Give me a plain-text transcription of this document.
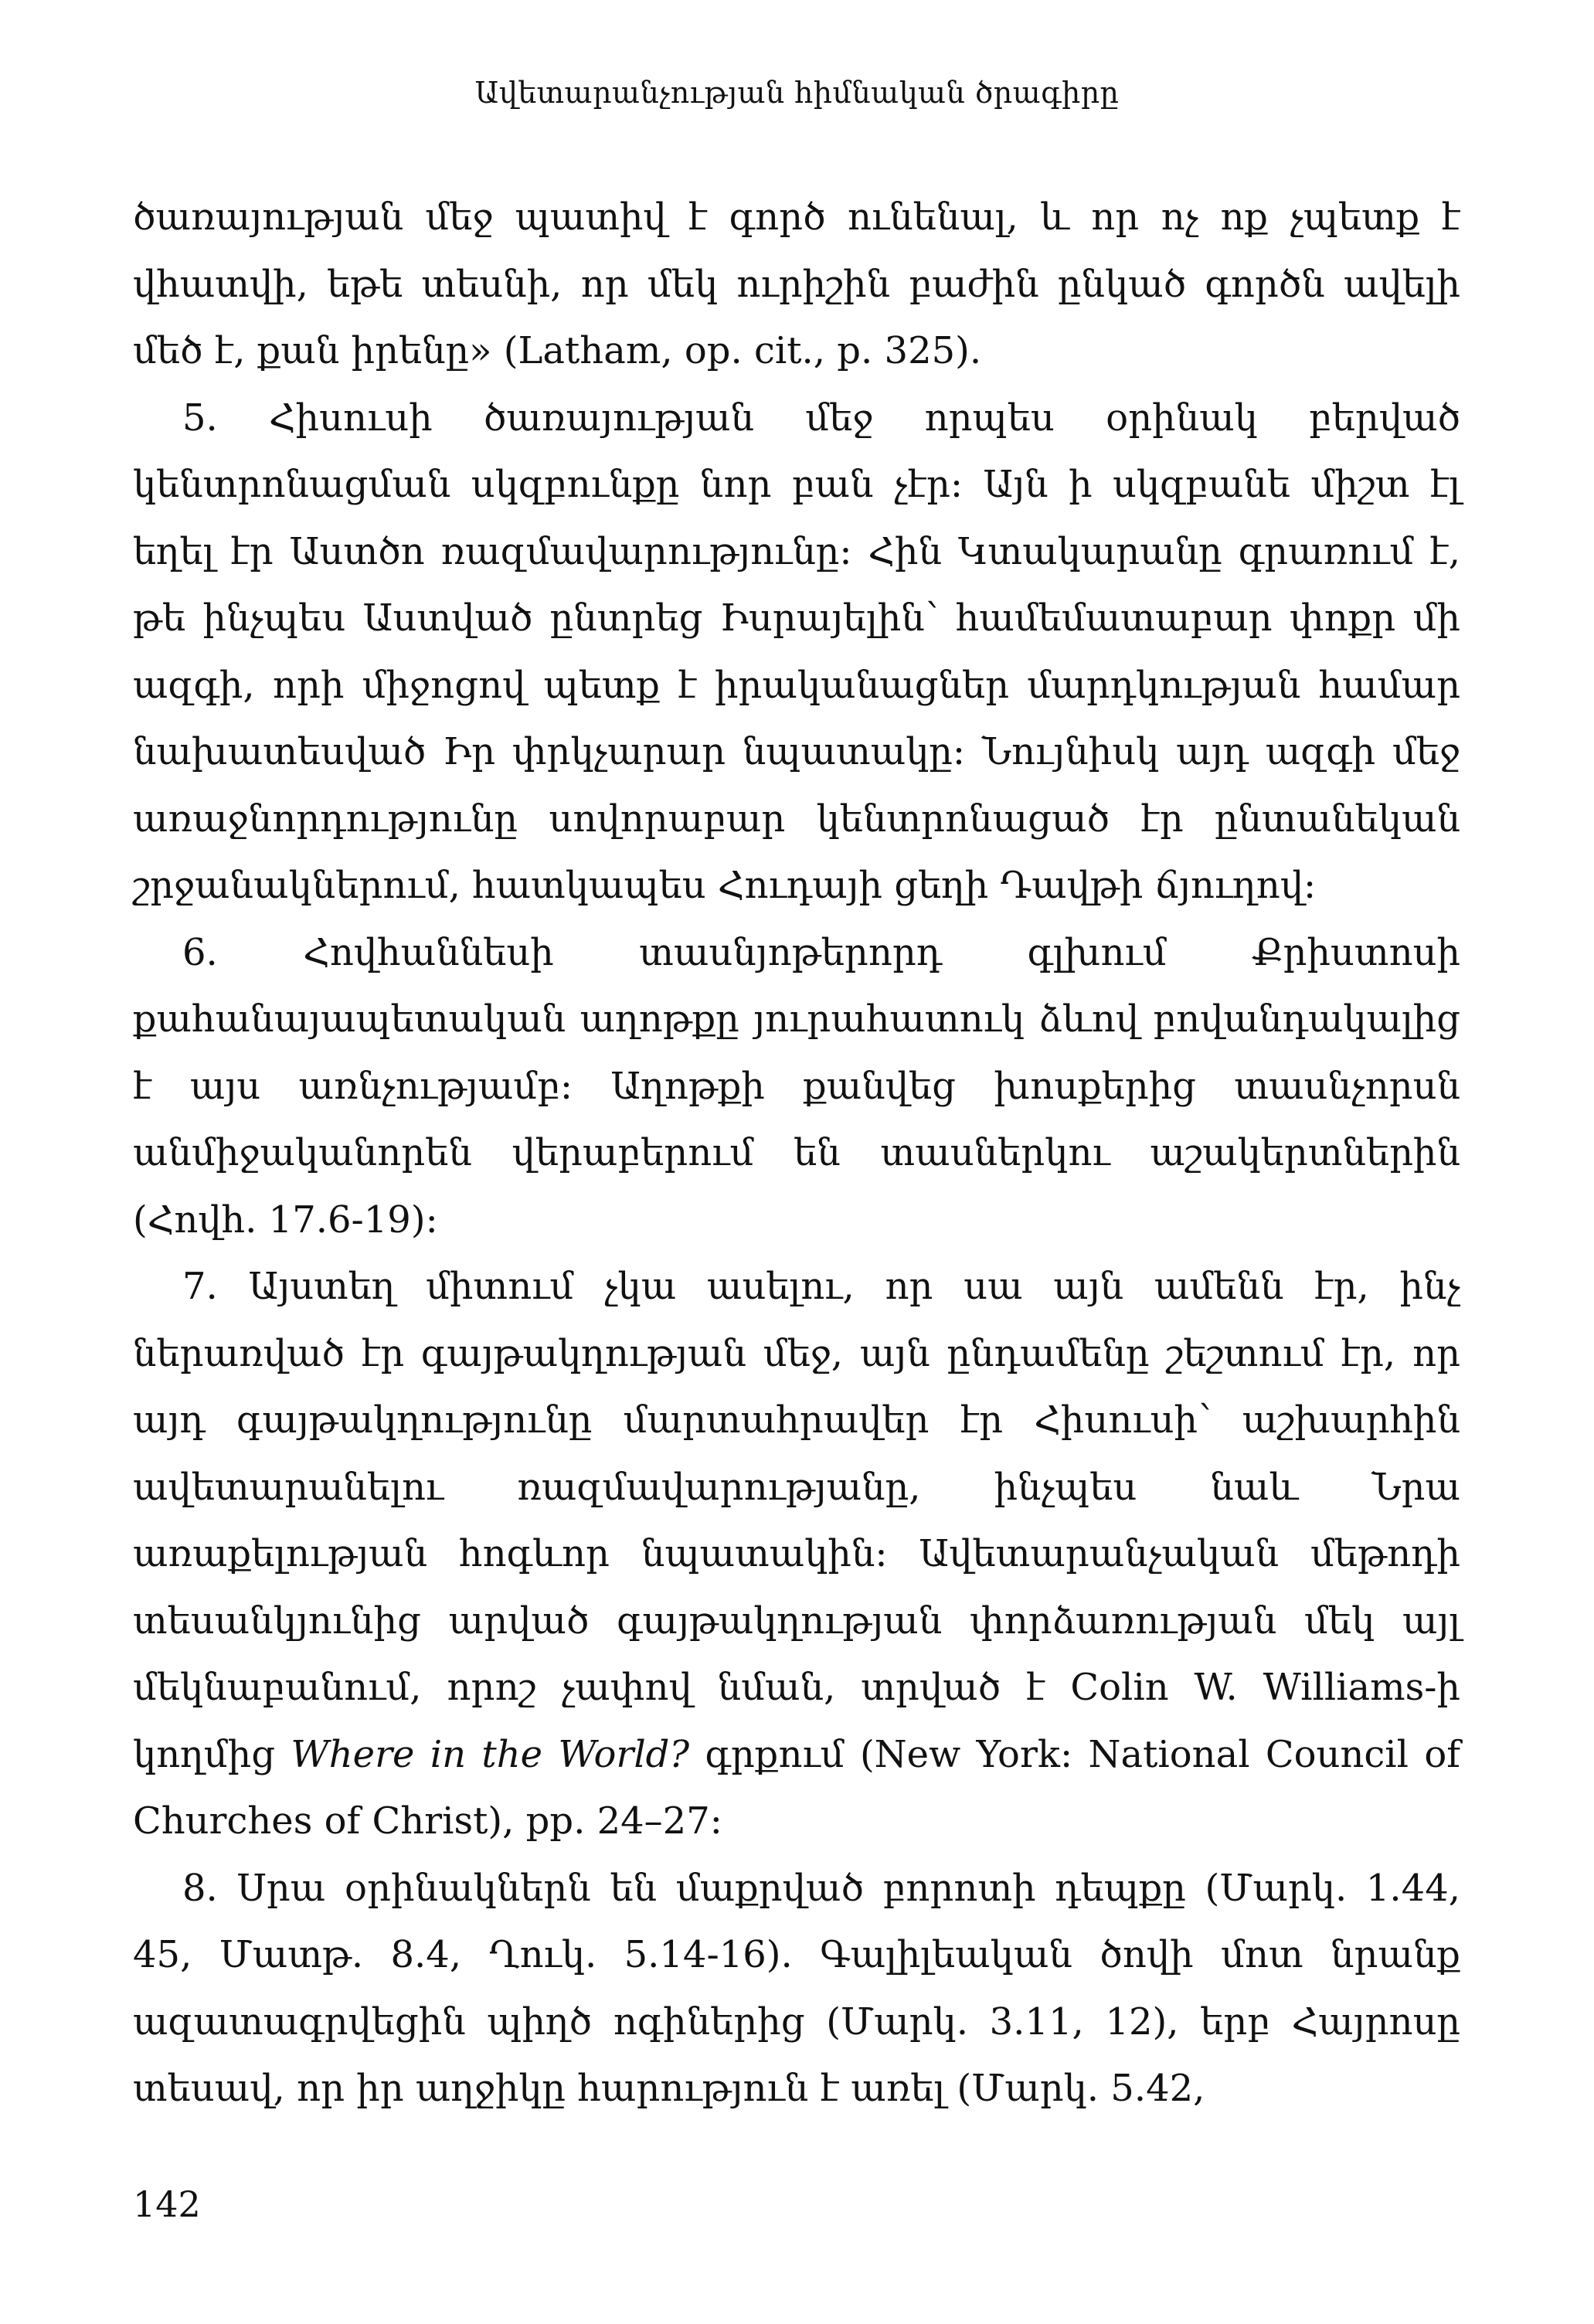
Ավետարանչության հիմնական ծրագիրը

ծառայության մեջ պատիվ է գործ ունենալ, և որ ոչ ոք չպետք է վհատվի, եթե տեսնի, որ մեկ ուրիշին բաժին ընկած գործն ավելի մեծ է, քան իրենը» (Latham, op. cit., p. 325).

5. Հիսուսի ծառայության մեջ որպես օրինակ բերված կենտրոնացման սկզբունքը նոր բան չէր: Այն ի սկզբանե միշտ էլ եղել էր Աստծո ռազմավարությունը: Հին Կտակարանը գրառում է, թե ինչպես Աստված ընտրեց Իսրայելին՝ համեմատաբար փոքր մի ազգի, որի միջոցով պետք է իրականացներ մարդկության համար նախատեսված Իր փրկչարար նպատակը: Նույնիսկ այդ ազգի մեջ առաջնորդությունը սովորաբար կենտրոնացած էր ընտանեկան շրջանակներում, հատկապես Հուդայի ցեղի Դավթի ճյուղով:

6. Հովհաննեսի տասնյոթերորդ գլխում Քրիստոսի քահանայապետական աղոթքը յուրահատուկ ձևով բովանդակալից է այս առնչությամբ: Աղոթքի քանվեց խոսքերից տասնչորսն անմիջականորեն վերաբերում են տասներկու աշակերտներին (Հովհ. 17.6-19):

7. Այստեղ միտում չկա ասելու, որ սա այն ամենն էր, ինչ ներառված էր գայթակղության մեջ, այն ընդամենը շեշտում էր, որ այդ գայթակղությունը մարտահրավեր էր Հիսուսի՝ աշխարհին ավետարանելու ռազմավարությանը, ինչպես նաև Նրա առաքելության հոգևոր նպատակին: Ավետարանչական մեթոդի տեսանկյունից արված գայթակղության փորձառության մեկ այլ մեկնաբանում, որոշ չափով նման, տրված է Colin W. Williams-ի կողմից Where in the World? գրքում (New York: National Council of Churches of Christ), pp. 24–27:

8. Սրա օրինակներն են մաքրված բորոտի դեպքը (Մարկ. 1.44, 45, Մատթ. 8.4, Ղուկ. 5.14-16). Գալիլեական ծովի մոտ նրանք ազատագրվեցին պիղծ ոգիներից (Մարկ. 3.11, 12), երբ Հայրոսը տեսավ, որ իր աղջիկը հարություն է առել (Մարկ. 5.42,

142
